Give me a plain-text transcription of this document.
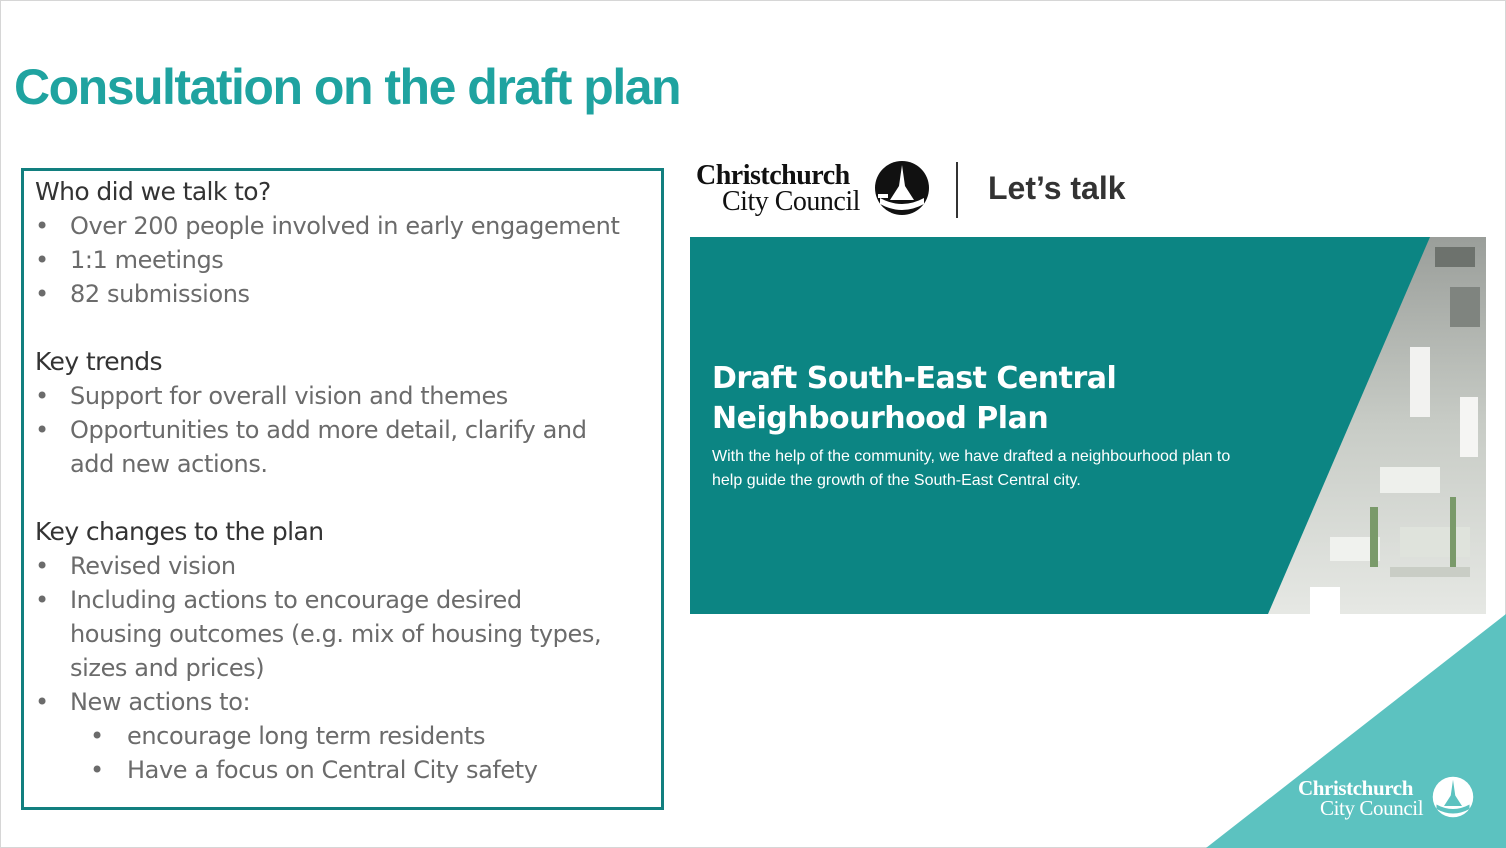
Consultation on the draft plan
Who did we talk to?
• Over 200 people involved in early engagement
• 1:1 meetings
• 82 submissions
Key trends
• Support for overall vision and themes
• Opportunities to add more detail, clarify and
add new actions.
Key changes to the plan
• Revised vision
• Including actions to encourage desired
housing outcomes (e.g. mix of housing types,
sizes and prices)
• New actions to:
• encourage long term residents
• Have a focus on Central City safety
Christchurch
City Council	Let’s talk
Draft South-East Central Neighbourhood Plan

With the help of the community, we have drafted a neighbourhood plan to help guide the growth of the South-East Central city.

Christchurch
City Council
